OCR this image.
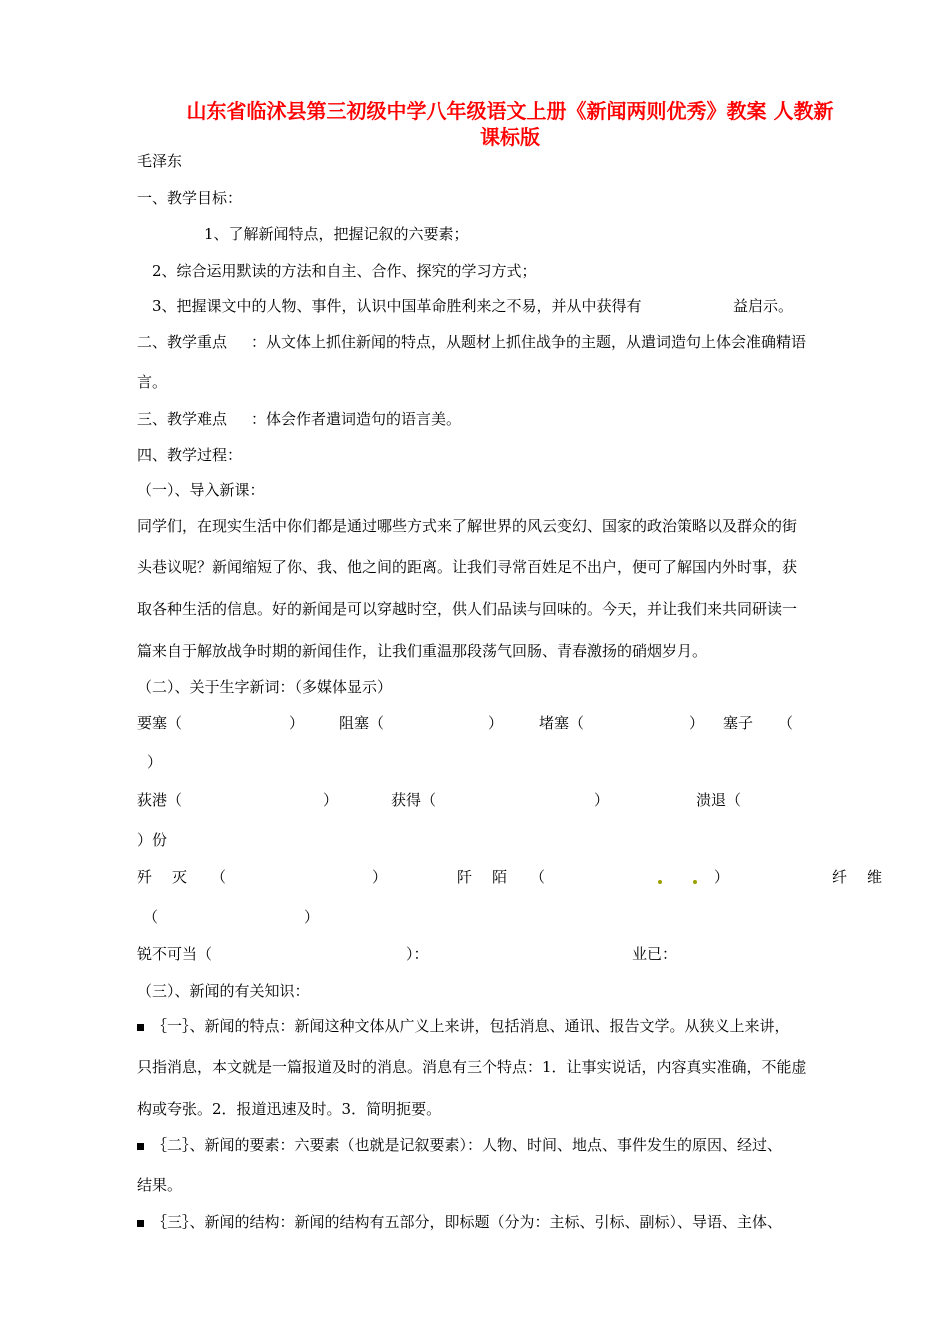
山东省临沭县第三初级中学八年级语文上册《新闻两则优秀》教案 人教新
课标版
毛泽东
一、教学目标：
1、了解新闻特点，把握记叙的六要素；
2、综合运用默读的方法和自主、合作、探究的学习方式；
3、把握课文中的人物、事件，认识中国革命胜利来之不易，并从中获得有	益启示。
二、教学重点 ：从文体上抓住新闻的特点，从题材上抓住战争的主题，从遣词造句上体会准确精语
言。
三、教学难点 ：体会作者遣词造句的语言美。
四、教学过程：
（一）、导入新课：
同学们，在现实生活中你们都是通过哪些方式来了解世界的风云变幻、国家的政治策略以及群众的街
头巷议呢？新闻缩短了你、我、他之间的距离。让我们寻常百姓足不出户，便可了解国内外时事，获
取各种生活的信息。好的新闻是可以穿越时空，供人们品读与回味的。今天，并让我们来共同研读一
篇来自于解放战争时期的新闻佳作，让我们重温那段荡气回肠、青春激扬的硝烟岁月。
（二）、关于生字新词：（多媒体显示）
要塞（	） 阻塞（	） 堵塞（	） 塞子 （
）
荻港（	）	获得（	）	溃退（
）份
歼 灭 （	）	阡 陌 （	）	纤 维
（	）
锐不可当（	）：	业已：
（三）、新闻的有关知识：
｛一｝、新闻的特点：新闻这种文体从广义上来讲，包括消息、通讯、报告文学。从狭义上来讲，
只指消息，本文就是一篇报道及时的消息。消息有三个特点：1．让事实说话，内容真实准确，不能虚
构或夸张。2．报道迅速及时。3．简明扼要。
｛二｝、新闻的要素：六要素（也就是记叙要素）：人物、时间、地点、事件发生的原因、经过、
结果。
｛三｝、新闻的结构：新闻的结构有五部分，即标题（分为：主标、引标、副标）、导语、主体、
